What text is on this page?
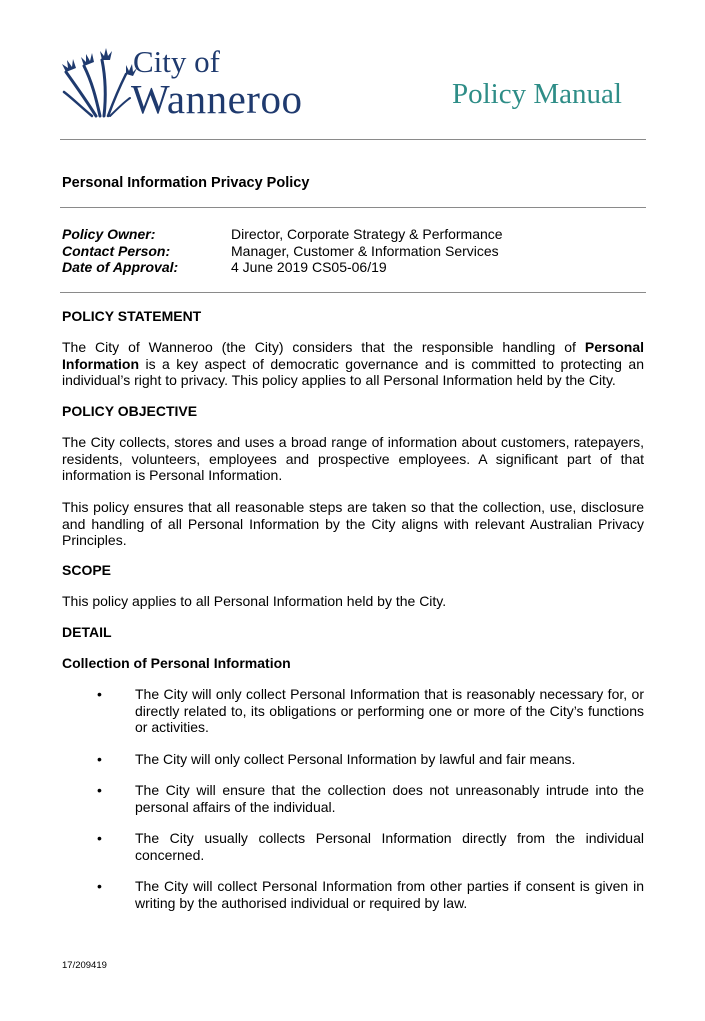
City of
Wanneroo	Policy Manual
Personal Information Privacy Policy
Policy Owner:	Director, Corporate Strategy & Performance
Contact Person:	Manager, Customer & Information Services
Date of Approval:	4 June 2019 CS05-06/19
POLICY STATEMENT
The City of Wanneroo (the City) considers that the responsible handling of Personal Information is a key aspect of democratic governance and is committed to protecting an individual’s right to privacy. This policy applies to all Personal Information held by the City.
POLICY OBJECTIVE
The City collects, stores and uses a broad range of information about customers, ratepayers, residents, volunteers, employees and prospective employees. A significant part of that information is Personal Information.
This policy ensures that all reasonable steps are taken so that the collection, use, disclosure and handling of all Personal Information by the City aligns with relevant Australian Privacy Principles.
SCOPE
This policy applies to all Personal Information held by the City.
DETAIL
Collection of Personal Information
• The City will only collect Personal Information that is reasonably necessary for, or directly related to, its obligations or performing one or more of the City’s functions or activities.
• The City will only collect Personal Information by lawful and fair means.
• The City will ensure that the collection does not unreasonably intrude into the personal affairs of the individual.
• The City usually collects Personal Information directly from the individual concerned.
• The City will collect Personal Information from other parties if consent is given in writing by the authorised individual or required by law.
17/209419
